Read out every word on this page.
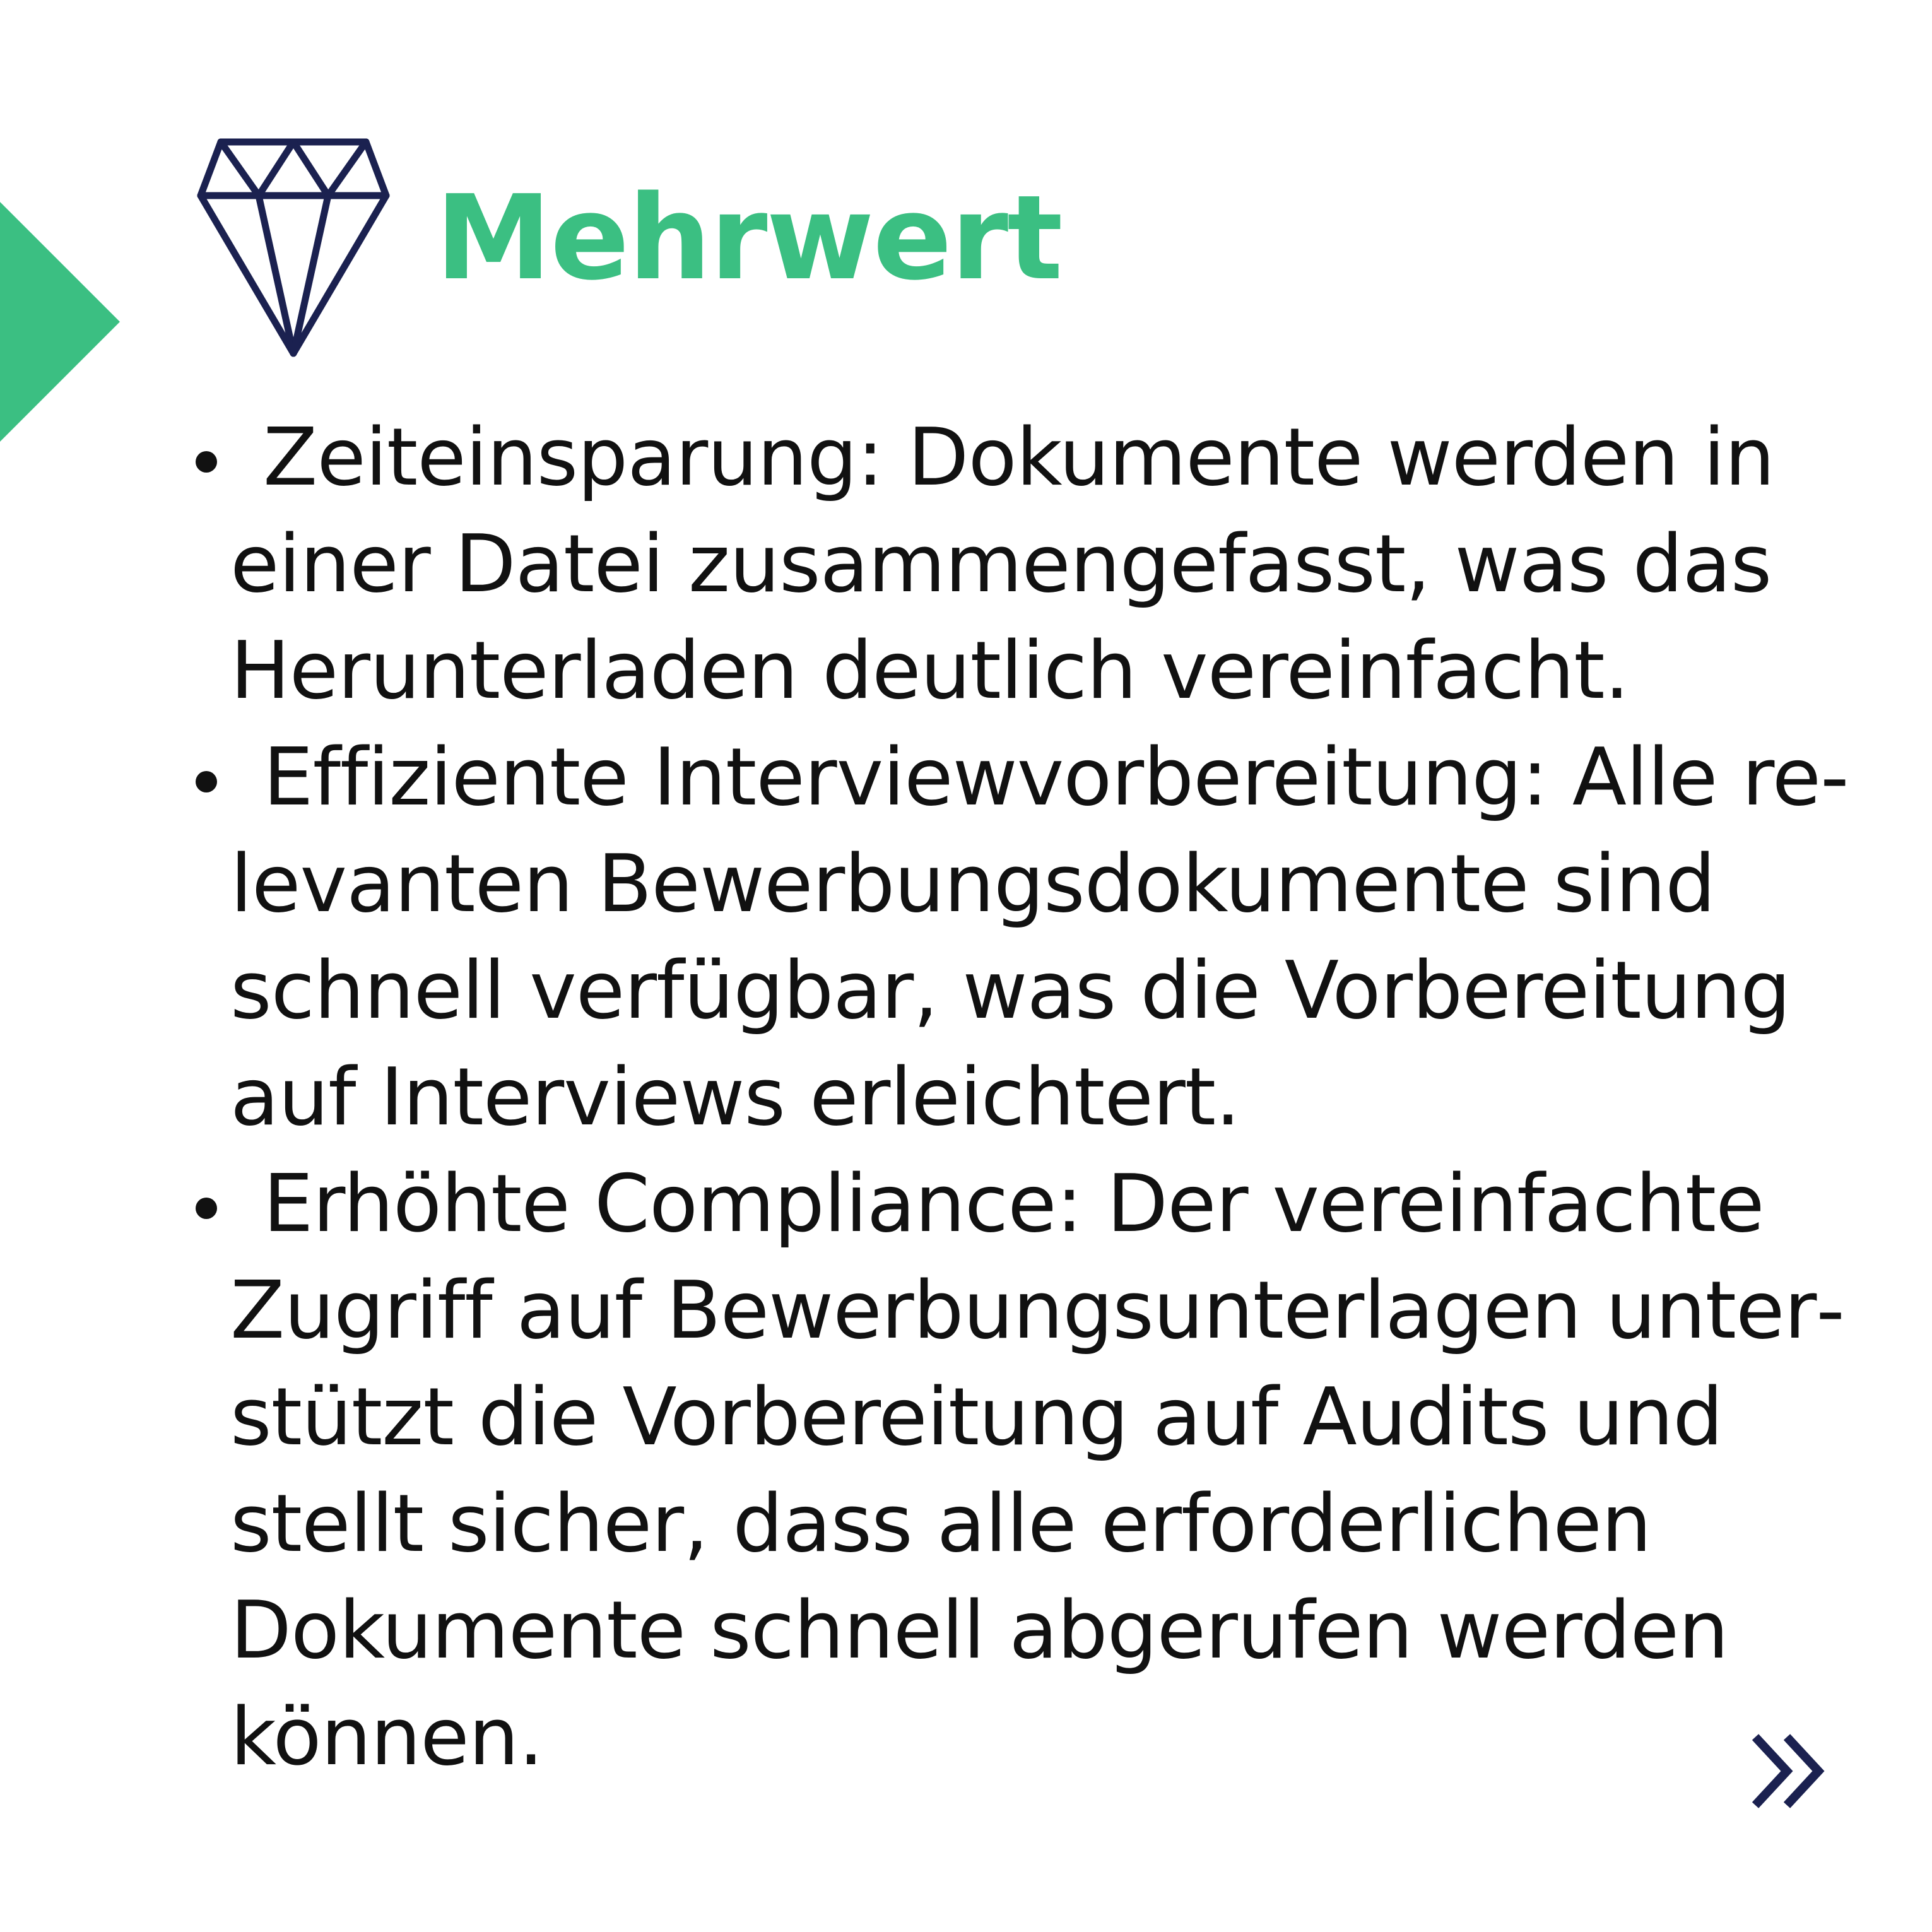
Mehrwert
Zeiteinsparung: Dokumente werden in einer Datei zusammengefasst, was das Herunterladen deutlich vereinfacht.
Effiziente Interviewvorbereitung: Alle relevanten Bewerbungsdokumente sind schnell verfügbar, was die Vorbereitung auf Interviews erleichtert.
Erhöhte Compliance: Der vereinfachte Zugriff auf Bewerbungsunterlagen unterstützt die Vorbereitung auf Audits und stellt sicher, dass alle erforderlichen Dokumente schnell abgerufen werden können.
